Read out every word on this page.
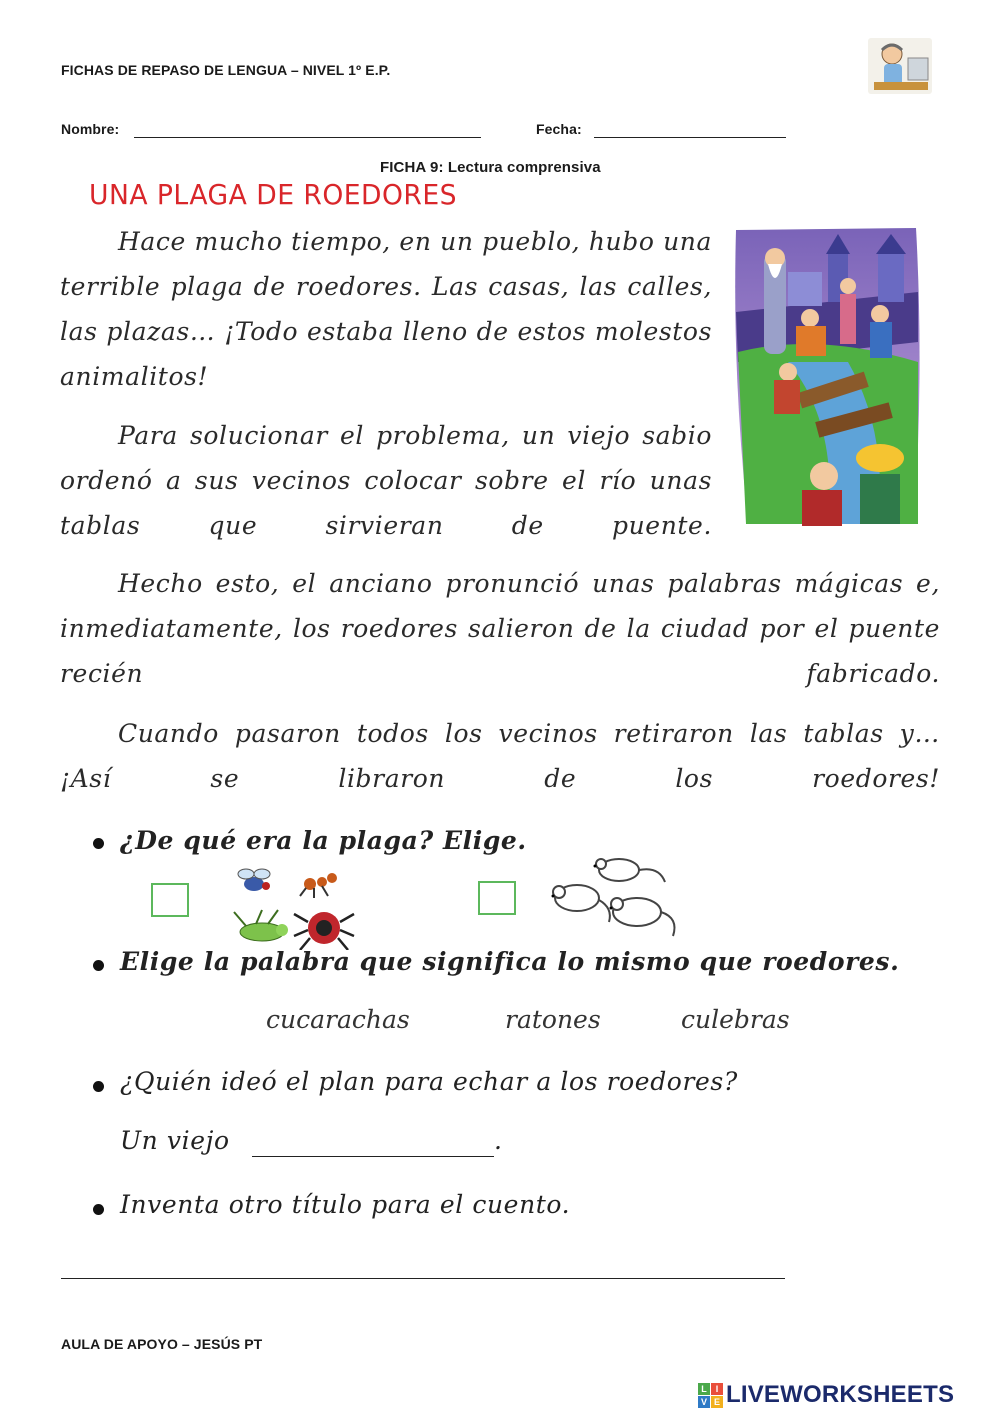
FICHAS DE REPASO DE LENGUA – NIVEL 1º E.P.
Nombre:	Fecha:
FICHA 9: Lectura comprensiva
UNA PLAGA DE ROEDORES

Hace mucho tiempo, en un pueblo, hubo una terrible plaga de roedores. Las casas, las calles, las plazas… ¡Todo estaba lleno de estos molestos animalitos!

Para solucionar el problema, un viejo sabio ordenó a sus vecinos colocar sobre el río unas tablas que sirvieran de puente.

Hecho esto, el anciano pronunció unas palabras mágicas e, inmediatamente, los roedores salieron de la ciudad por el puente recién fabricado.

Cuando pasaron todos los vecinos retiraron las tablas y… ¡Así se libraron de los roedores!

¿De qué era la plaga? Elige.
Elige la palabra que significa lo mismo que roedores.
cucarachas	ratones	culebras
¿Quién ideó el plan para echar a los roedores?
Un viejo	.
Inventa otro título para el cuento.
AULA DE APOYO – JESÚS PT
L I
V E LIVEWORKSHEETS
